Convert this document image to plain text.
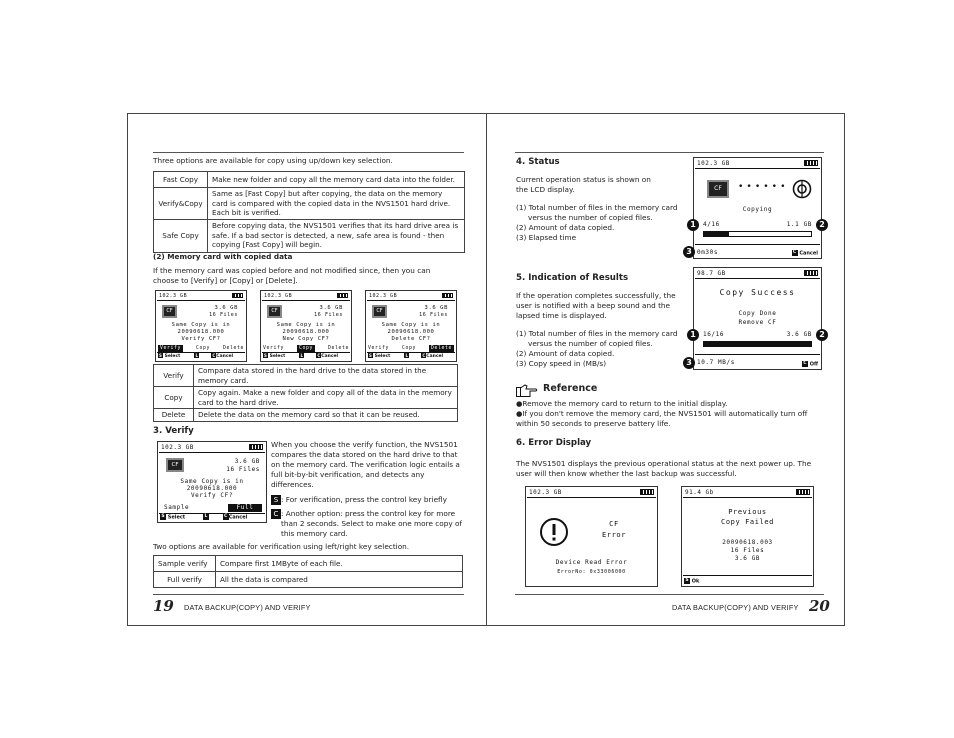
Three options are available for copy using up/down key selection.
Fast Copy	Make new folder and copy all the memory card data into the folder.
Verify&Copy	Same as [Fast Copy] but after copying, the data on the memory card is compared with the copied data in the NVS1501 hard drive. Each bit is verified.
Safe Copy	Before copying data, the NVS1501 verifies that its hard drive area is safe. If a bad sector is detected, a new, safe area is found - then copying [Fast Copy] will begin.
(2) Memory card with copied data
If the memory card was copied before and not modified since, then you can choose to [Verify] or [Copy] or [Delete].
102.3 GB
CF	3.6 GB
16 Files
Same Copy is in
20090618.000
Verify CF?
Verify	Copy	Delete
S Select	L	CCancel
102.3 GB
CF	3.6 GB
16 Files
Same Copy is in
20090618.000
New Copy CF?
Verify	Copy	Delete
S Select	L	CCancel
102.3 GB
CF	3.6 GB
16 Files
Same Copy is in
20090618.000
Delete CF?
Verify	Copy	Delete
S Select	L	CCancel
Verify	Compare data stored in the hard drive to the data stored in the memory card.
Copy	Copy again. Make a new folder and copy all of the data in the memory card to the hard drive.
Delete	Delete the data on the memory card so that it can be reused.
3. Verify
102.3 GB
CF	3.6 GB
16 Files
Same Copy is in
20090618.000
Verify CF?
Sample	Full
S Select	L	CCancel
When you choose the verify function, the NVS1501 compares the data stored on the hard drive to that on the memory card. The verification logic entails a full bit-by-bit verification, and detects any differences.
S : For verification, press the control key briefly
C : Another option: press the control key for more than 2 seconds. Select to make one more copy of this memory card.
Two options are available for verification using left/right key selection.
Sample verify	Compare first 1MByte of each file.
Full verify	All the data is compared
19 DATA BACKUP(COPY) AND VERIFY
4. Status
Current operation status is shown on the LCD display.
(1) Total number of files in the memory card versus the number of copied files.
(2) Amount of data copied.
(3) Elapsed time
102.3 GB
CF	••••••
Copying
4/16	1.1 GB
0m30s	C Cancel
1	2
3
5. Indication of Results
If the operation completes successfully, the user is notified with a beep sound and the lapsed time is displayed.
(1) Total number of files in the memory card versus the number of copied files.
(2) Amount of data copied.
(3) Copy speed in (MB/s)
98.7 GB
Copy Success
Copy Done
Remove CF
16/16	3.6 GB
10.7 MB/s	C Off
1	2
3
Reference
●Remove the memory card to return to the initial display.
●If you don't remove the memory card, the NVS1501 will automatically turn off within 50 seconds to preserve battery life.
6. Error Display
The NVS1501 displays the previous operational status at the next power up. The user will then know whether the last backup was successful.
102.3 GB
CF
Error
Device Read Error
ErrorNo: 0x33006000
91.4 Gb
Previous
Copy Failed
20090618.003
16 Files
3.6 GB
S Ok
DATA BACKUP(COPY) AND VERIFY 20
